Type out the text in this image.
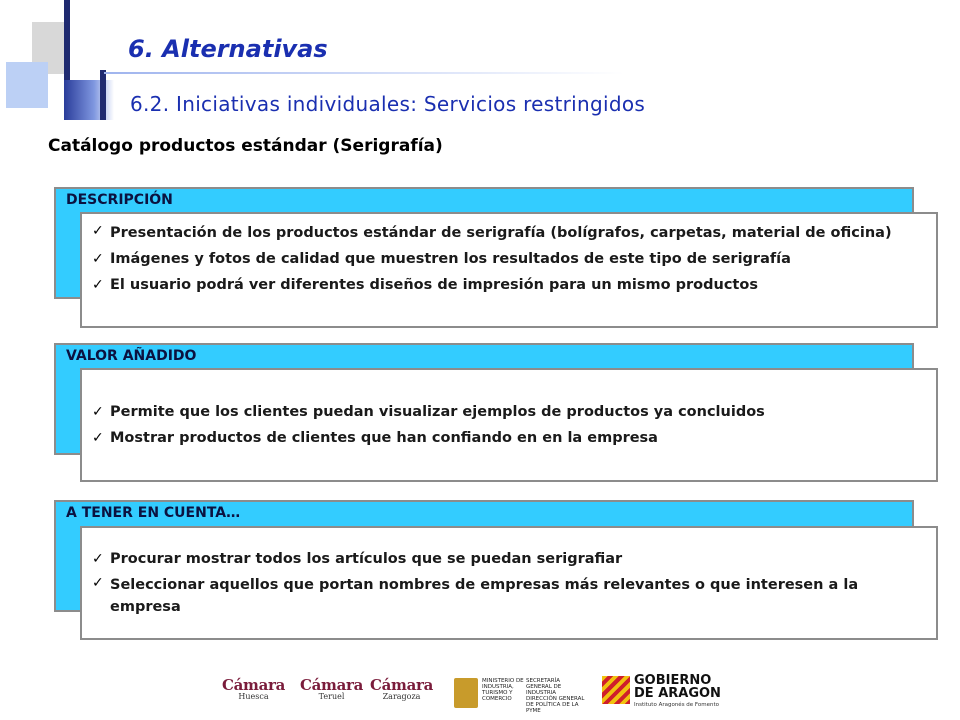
6. Alternativas
6.2. Iniciativas individuales: Servicios restringidos
Catálogo productos estándar (Serigrafía)
DESCRIPCIÓN
✓ Presentación de los productos estándar de serigrafía (bolígrafos, carpetas, material de oficina)
✓ Imágenes y fotos de calidad que muestren los resultados de este tipo de serigrafía
✓ El usuario podrá ver diferentes diseños de impresión para un mismo productos
VALOR AÑADIDO
✓ Permite que los clientes puedan visualizar ejemplos de productos ya concluidos
✓ Mostrar productos de clientes que han confiando en en la empresa
A TENER EN CUENTA…
✓ Procurar mostrar todos los artículos que se puedan serigrafiar
✓ Seleccionar aquellos que portan nombres de empresas más relevantes o que interesen a la empresa
Cámara
Huesca
Cámara
Teruel
Cámara
Zaragoza
MINISTERIO DE INDUSTRIA, TURISMO Y COMERCIO
SECRETARÍA GENERAL DE INDUSTRIA DIRECCIÓN GENERAL DE POLÍTICA DE LA PYME
GOBIERNO
DE ARAGON
Instituto Aragonés de Fomento
